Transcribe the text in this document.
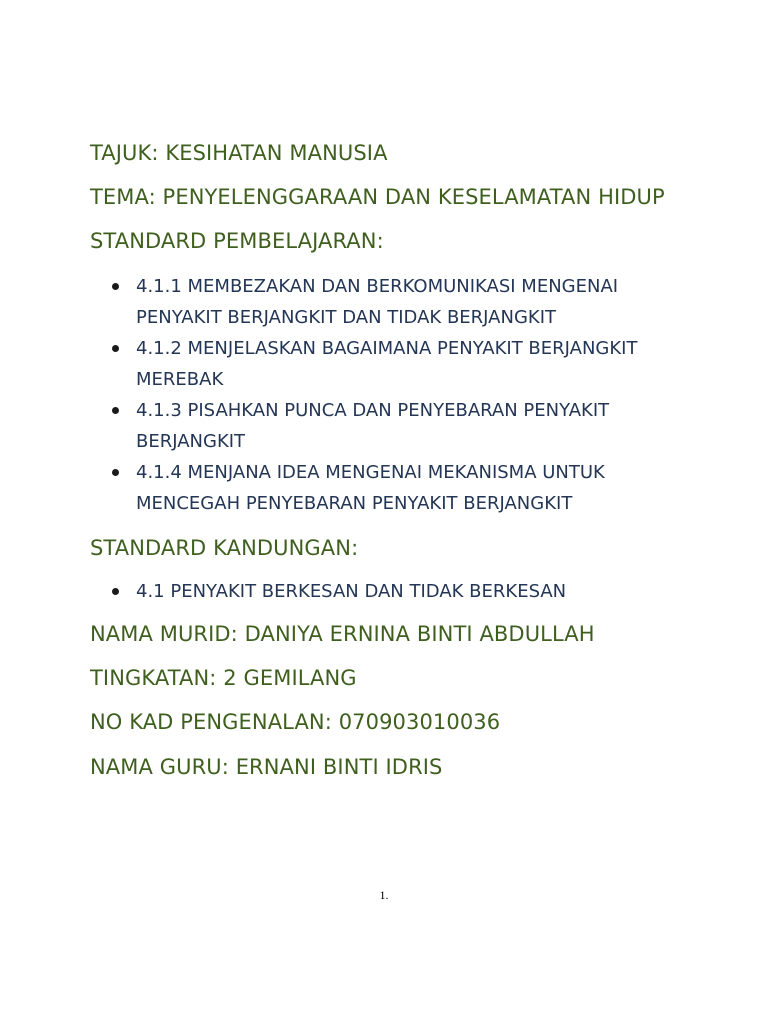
TAJUK: KESIHATAN MANUSIA

TEMA: PENYELENGGARAAN DAN KESELAMATAN HIDUP

STANDARD PEMBELAJARAN:

4.1.1 MEMBEZAKAN DAN BERKOMUNIKASI MENGENAI
PENYAKIT BERJANGKIT DAN TIDAK BERJANGKIT
4.1.2 MENJELASKAN BAGAIMANA PENYAKIT BERJANGKIT
MEREBAK
4.1.3 PISAHKAN PUNCA DAN PENYEBARAN PENYAKIT
BERJANGKIT
4.1.4 MENJANA IDEA MENGENAI MEKANISMA UNTUK
MENCEGAH PENYEBARAN PENYAKIT BERJANGKIT

STANDARD KANDUNGAN:

4.1 PENYAKIT BERKESAN DAN TIDAK BERKESAN

NAMA MURID: DANIYA ERNINA BINTI ABDULLAH

TINGKATAN: 2 GEMILANG

NO KAD PENGENALAN: 070903010036

NAMA GURU: ERNANI BINTI IDRIS

1.
